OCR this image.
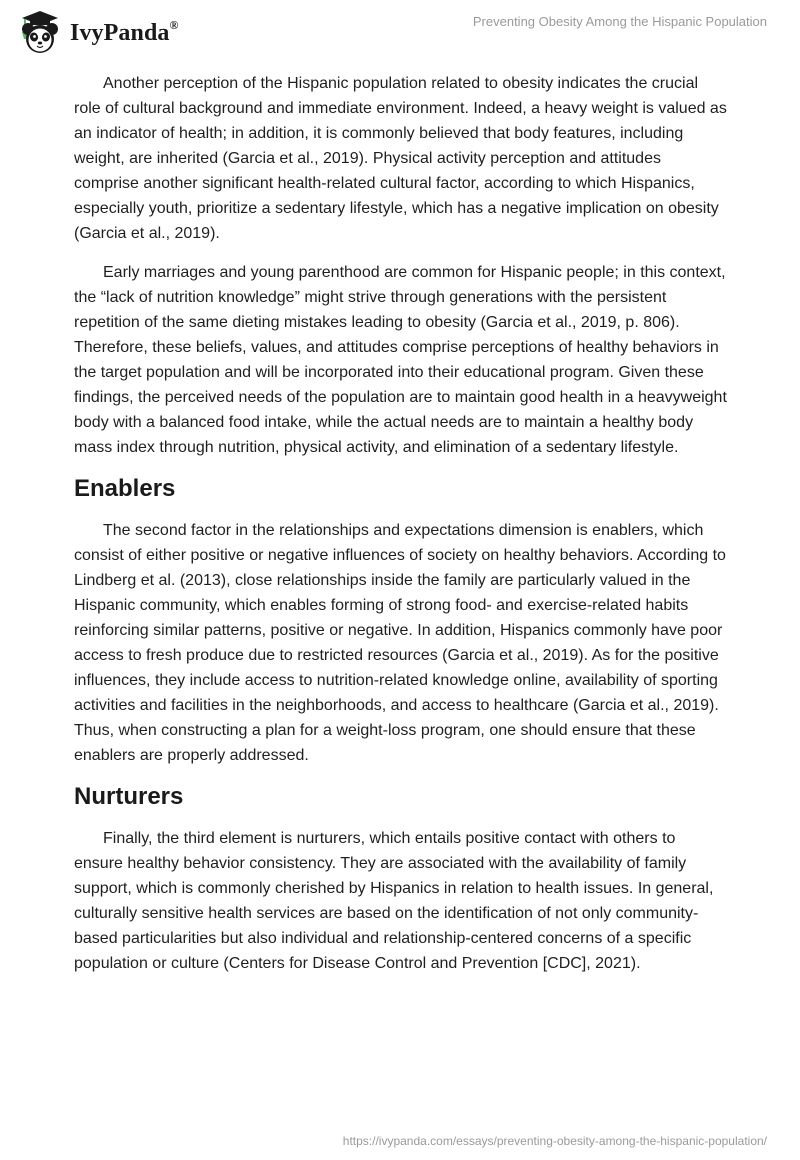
IvyPanda®	Preventing Obesity Among the Hispanic Population

Another perception of the Hispanic population related to obesity indicates the crucial role of cultural background and immediate environment. Indeed, a heavy weight is valued as an indicator of health; in addition, it is commonly believed that body features, including weight, are inherited (Garcia et al., 2019). Physical activity perception and attitudes comprise another significant health-related cultural factor, according to which Hispanics, especially youth, prioritize a sedentary lifestyle, which has a negative implication on obesity (Garcia et al., 2019).

Early marriages and young parenthood are common for Hispanic people; in this context, the “lack of nutrition knowledge” might strive through generations with the persistent repetition of the same dieting mistakes leading to obesity (Garcia et al., 2019, p. 806). Therefore, these beliefs, values, and attitudes comprise perceptions of healthy behaviors in the target population and will be incorporated into their educational program. Given these findings, the perceived needs of the population are to maintain good health in a heavyweight body with a balanced food intake, while the actual needs are to maintain a healthy body mass index through nutrition, physical activity, and elimination of a sedentary lifestyle.

Enablers

The second factor in the relationships and expectations dimension is enablers, which consist of either positive or negative influences of society on healthy behaviors. According to Lindberg et al. (2013), close relationships inside the family are particularly valued in the Hispanic community, which enables forming of strong food- and exercise-related habits reinforcing similar patterns, positive or negative. In addition, Hispanics commonly have poor access to fresh produce due to restricted resources (Garcia et al., 2019). As for the positive influences, they include access to nutrition-related knowledge online, availability of sporting activities and facilities in the neighborhoods, and access to healthcare (Garcia et al., 2019). Thus, when constructing a plan for a weight-loss program, one should ensure that these enablers are properly addressed.

Nurturers

Finally, the third element is nurturers, which entails positive contact with others to ensure healthy behavior consistency. They are associated with the availability of family support, which is commonly cherished by Hispanics in relation to health issues. In general, culturally sensitive health services are based on the identification of not only community-based particularities but also individual and relationship-centered concerns of a specific population or culture (Centers for Disease Control and Prevention [CDC], 2021).

https://ivypanda.com/essays/preventing-obesity-among-the-hispanic-population/
